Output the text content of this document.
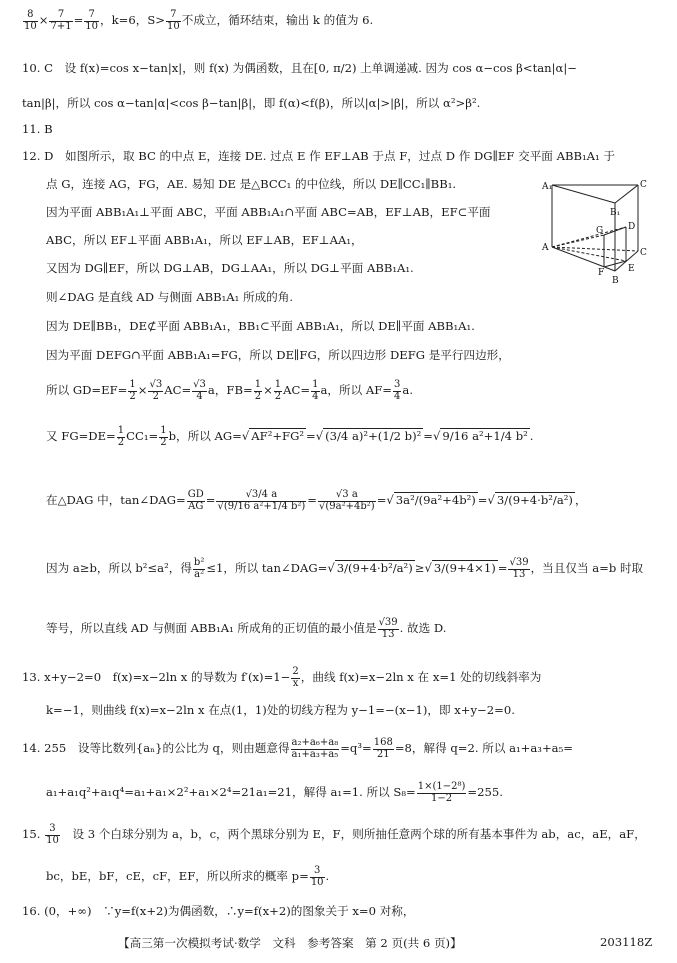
$\frac{8}{10} \times \frac{7}{7+1} = \frac{7}{10}$ ，k=6，$S> \frac{7}{10}$ 不成立，循环结束，输出 k 的值为 6.
10. C　设 f(x)=cos x−tan|x|，则 f(x) 为偶函数，且在[0, π/2) 上单调递减. 因为 cos α−cos β<tan|α|−
tan|β|，所以 cos α−tan|α|<cos β−tan|β|，即 f(α)<f(β)，所以|α|>|β|，所以 α²>β².
11. B
12. D　如图所示，取 BC 的中点 E，连接 DE. 过点 E 作 EF⊥AB 于点 F，过点 D 作 DG∥EF 交平面 ABB₁A₁ 于
点 G，连接 AG，FG，AE. 易知 DE 是△BCC₁ 的中位线，所以 DE∥CC₁∥BB₁.
因为平面 ABB₁A₁⊥平面 ABC，平面 ABB₁A₁∩平面 ABC=AB，EF⊥AB，EF⊂平面
ABC，所以 EF⊥平面 ABB₁A₁，所以 EF⊥AB，EF⊥AA₁，
又因为 DG∥EF，所以 DG⊥AB，DG⊥AA₁，所以 DG⊥平面 ABB₁A₁.
则∠DAG 是直线 AD 与侧面 ABB₁A₁ 所成的角.
因为 DE∥BB₁，DE⊄平面 ABB₁A₁，BB₁⊂平面 ABB₁A₁，所以 DE∥平面 ABB₁A₁.
因为平面 DEFG∩平面 ABB₁A₁=FG，所以 DE∥FG，所以四边形 DEFG 是平行四边形，
所以 $GD=EF= \frac{1}{2} \times \frac{√3}{2} AC= \frac{√3}{4}$ a，$FB= \frac{1}{2} \times \frac{1}{2} AC= \frac{1}{4}$ a，所以 $AF= \frac{3}{4} a$.
又 $FG=DE= \frac{1}{2} CC_1= \frac{1}{2}$ b，所以 AG=√ AF²+FG² =√ (3/4 a)²+(1/2 b)² =√ 9/16 a²+1/4 b² .
在△DAG 中，tan∠DAG= $\frac{GD}{AG} = \frac{√3/4 a}{\text{√(9/16 a²+1/4 b²)}} = \frac{√3 a}{\text{√(9a²+4b²)}}$ =√ 3a²/(9a²+4b²) =√ 3/(9+4·b²/a²) ，
因为 a≥b，所以 b²≤a²，得 $\frac{\text{b²}}{\text{a²}} \le 1$，所以 tan∠DAG=√ 3/(9+4·b²/a²) ≥√ $3/(9+4\times 1) = \frac{√39}{13}$ ，当且仅当 a=b 时取
等号，所以直线 AD 与侧面 ABB₁A₁ 所成角的正切值的最小值是 $\frac{√39}{13}$ . 故选 D.
13. x+y−2=0　f(x)=x−2ln x 的导数为 $f'(x)=1- \frac{2}{x}$ ，曲线 f(x)=x−2ln x 在 x=1 处的切线斜率为
k=−1，则曲线 f(x)=x−2ln x 在点(1，1)处的切线方程为 y−1=−(x−1)，即 x+y−2=0.
14. 255　设等比数列{aₙ}的公比为 q，则由题意得 $\frac{\text{a₂+a₆+a₈}}{\text{a₁+a₃+a₅}} =q^3= \frac{168}{21} =8$，解得 q=2. 所以 a₁+a₃+a₅=
a₁+a₁q²+a₁q⁴=a₁+a₁×2²+a₁×2⁴=21a₁=21，解得 a₁=1. 所以 $S_8= \frac{\text{1×(1−2⁸)}}{1-2} =255$.
15. $\frac{3}{10}$ 　设 3 个白球分别为 a，b，c，两个黑球分别为 E，F，则所抽任意两个球的所有基本事件为 ab，ac，aE，aF，
bc，bE，bF，cE，cF，EF，所以所求的概率 $p= \frac{3}{10}$ .
16. (0，+∞)　∵y=f(x+2)为偶函数，∴y=f(x+2)的图象关于 x=0 对称，
A₁	C
B₁
G	D
A
F	E
C
B
【高三第一次模拟考试·数学　文科　参考答案　第 2 页(共 6 页)】	203118Z
